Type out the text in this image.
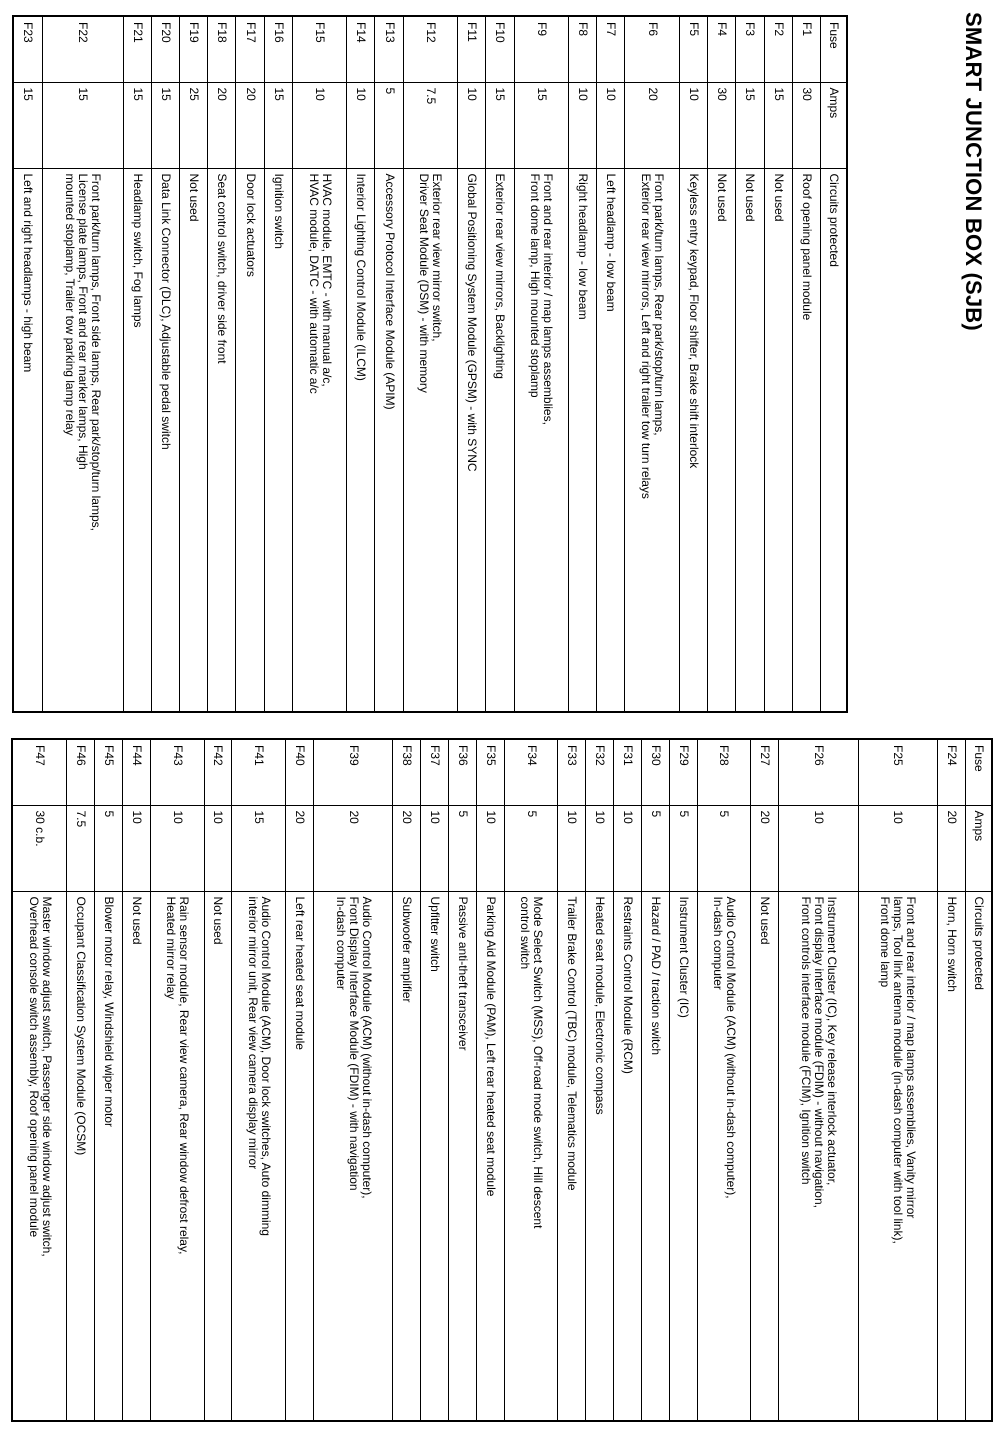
SMART JUNCTION BOX (SJB)
Fuse	Amps	Circuits protected
F1	30	Roof opening panel module

F2	15	Not used

F3	15	Not used

F4	30	Not used

F5	10	Keyless entry keypad, Floor shifter, Brake shift interlock

F6	20	Front park/turn lamps, Rear park/stop/turn lamps,
Exterior rear view mirrors, Left and right trailer tow turn relays

F7	10	Left headlamp - low beam

F8	10	Right headlamp - low beam

F9	15	Front and rear interior / map lamps assemblies,
Front dome lamp, High mounted stoplamp

F10	15	Exterior rear view mirrors, Backlighting

F11	10	Global Positioning System Module (GPSM) - with SYNC

F12	7.5	Exterior rear view mirror switch,
Driver Seat Module (DSM) - with memory

F13	5	Accessory Protocol Interface Module (APIM)

F14	10	Interior Lighting Control Module (ILCM)

F15	10	HVAC module, EMTC - with manual a/c,
HVAC module, DATC - with automatic a/c

F16	15	Ignition switch

F17	20	Door lock actuators

F18	20	Seat control switch, driver side front

F19	25	Not used

F20	15	Data Link Connector (DLC), Adjustable pedal switch

F21	15	Headlamp switch, Fog lamps

F22	15	Front park/turn lamps, Front side lamps, Rear park/stop/turn lamps,
License plate lamps, Front and rear marker lamps, High
mounted stoplamp, Trailer tow parking lamp relay

F23	15	Left and right headlamps - high beam
Fuse	Amps	Circuits protected
F24	20	Horn, Horn switch

F25	10	Front and rear interior / map lamps assemblies, Vanity mirror
lamps, Tool link antenna module (in-dash computer with tool link),
Front dome lamp

F26	10	Instrument Cluster (IC), Key release interlock actuator,
Front display interface module (FDIM) - without navigation,
Front controls interface module (FCIM), Ignition switch

F27	20	Not used

F28	5	Audio Control Module (ACM) (without in-dash computer),
In-dash computer

F29	5	Instrument Cluster (IC)

F30	5	Hazard / PAD / traction switch

F31	10	Restraints Control Module (RCM)

F32	10	Heated seat module, Electronic compass

F33	10	Trailer Brake Control (TBC) module, Telematics module

F34	5	Mode Select Switch (MSS), Off-road mode switch, Hill descent
control switch

F35	10	Parking Aid Module (PAM), Left rear heated seat module

F36	5	Passive anti-theft transceiver

F37	10	Upfitter switch

F38	20	Subwoofer amplifier

F39	20	Audio Control Module (ACM) (without in-dash computer),
Front Display Interface Module (FDIM) - with navigation
In-dash computer

F40	20	Left rear heated seat module

F41	15	Audio Control Module (ACM), Door lock switches, Auto dimming
interior mirror unit, Rear view camera display mirror

F42	10	Not used

F43	10	Rain sensor module, Rear view camera, Rear window defrost relay,
Heated mirror relay

F44	10	Not used

F45	5	Blower motor relay, Windshield wiper motor

F46	7.5	Occupant Classification System Module (OCSM)

F47	30 c.b.	Master window adjust switch, Passenger side window adjust switch,
Overhead console switch assembly, Roof opening panel module
